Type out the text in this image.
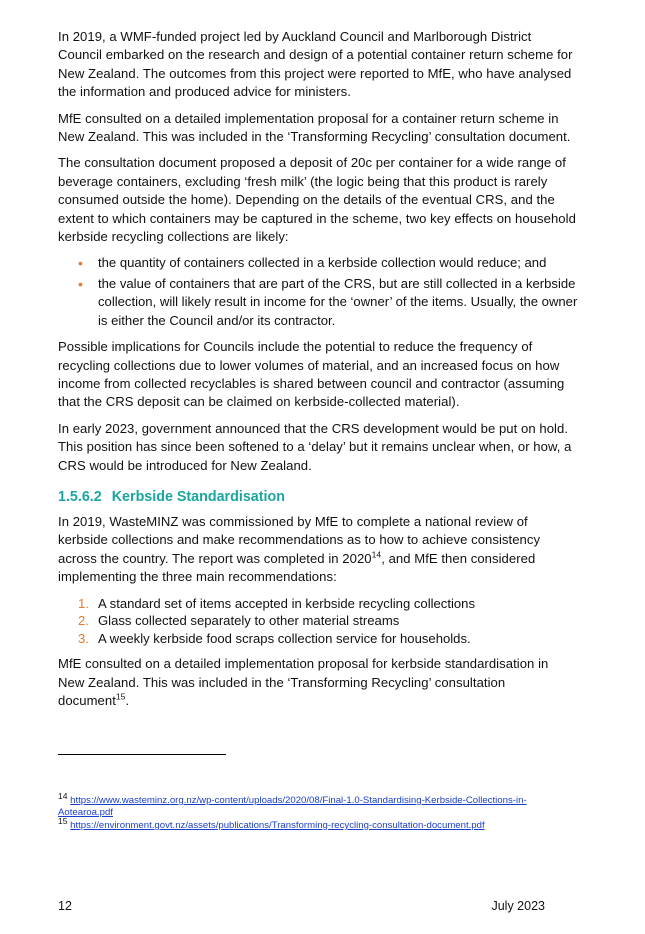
In 2019, a WMF-funded project led by Auckland Council and Marlborough District Council embarked on the research and design of a potential container return scheme for New Zealand. The outcomes from this project were reported to MfE, who have analysed the information and produced advice for ministers.

MfE consulted on a detailed implementation proposal for a container return scheme in New Zealand. This was included in the ‘Transforming Recycling’ consultation document.

The consultation document proposed a deposit of 20c per container for a wide range of beverage containers, excluding ‘fresh milk’ (the logic being that this product is rarely consumed outside the home). Depending on the details of the eventual CRS, and the extent to which containers may be captured in the scheme, two key effects on household kerbside recycling collections are likely:

•	the quantity of containers collected in a kerbside collection would reduce; and
•	the value of containers that are part of the CRS, but are still collected in a kerbside collection, will likely result in income for the ‘owner’ of the items. Usually, the owner is either the Council and/or its contractor.

Possible implications for Councils include the potential to reduce the frequency of recycling collections due to lower volumes of material, and an increased focus on how income from collected recyclables is shared between council and contractor (assuming that the CRS deposit can be claimed on kerbside-collected material).

In early 2023, government announced that the CRS development would be put on hold. This position has since been softened to a ‘delay’ but it remains unclear when, or how, a CRS would be introduced for New Zealand.

1.5.6.2 Kerbside Standardisation

In 2019, WasteMINZ was commissioned by MfE to complete a national review of kerbside collections and make recommendations as to how to achieve consistency across the country. The report was completed in 2020$^{14}$, and MfE then considered implementing the three main recommendations:

1. A standard set of items accepted in kerbside recycling collections
2. Glass collected separately to other material streams
3. A weekly kerbside food scraps collection service for households.

MfE consulted on a detailed implementation proposal for kerbside standardisation in New Zealand. This was included in the ‘Transforming Recycling’ consultation document$^{15}$.

$^{14}$ https://www.wasteminz.org.nz/wp-content/uploads/2020/08/Final-1.0-Standardising-Kerbside-Collections-in-Aotearoa.pdf

$^{15}$ https://environment.govt.nz/assets/publications/Transforming-recycling-consultation-document.pdf

12	July 2023
